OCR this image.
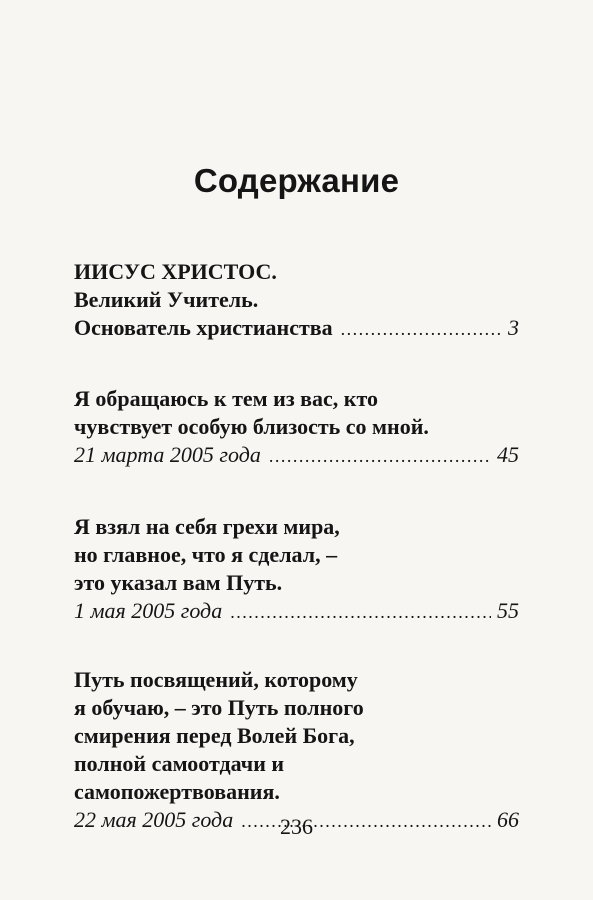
Содержание
ИИСУС ХРИСТОС.
Великий Учитель.
Основатель христианства .....	3
Я обращаюсь к тем из вас, кто
чувствует особую близость со мной.
21 марта 2005 года .....	45
Я взял на себя грехи мира,
но главное, что я сделал, –
это указал вам Путь.
1 мая 2005 года .....	55
Путь посвящений, которому
я обучаю, – это Путь полного
смирения перед Волей Бога,
полной самоотдачи и
самопожертвования.
22 мая 2005 года .....	66
236
